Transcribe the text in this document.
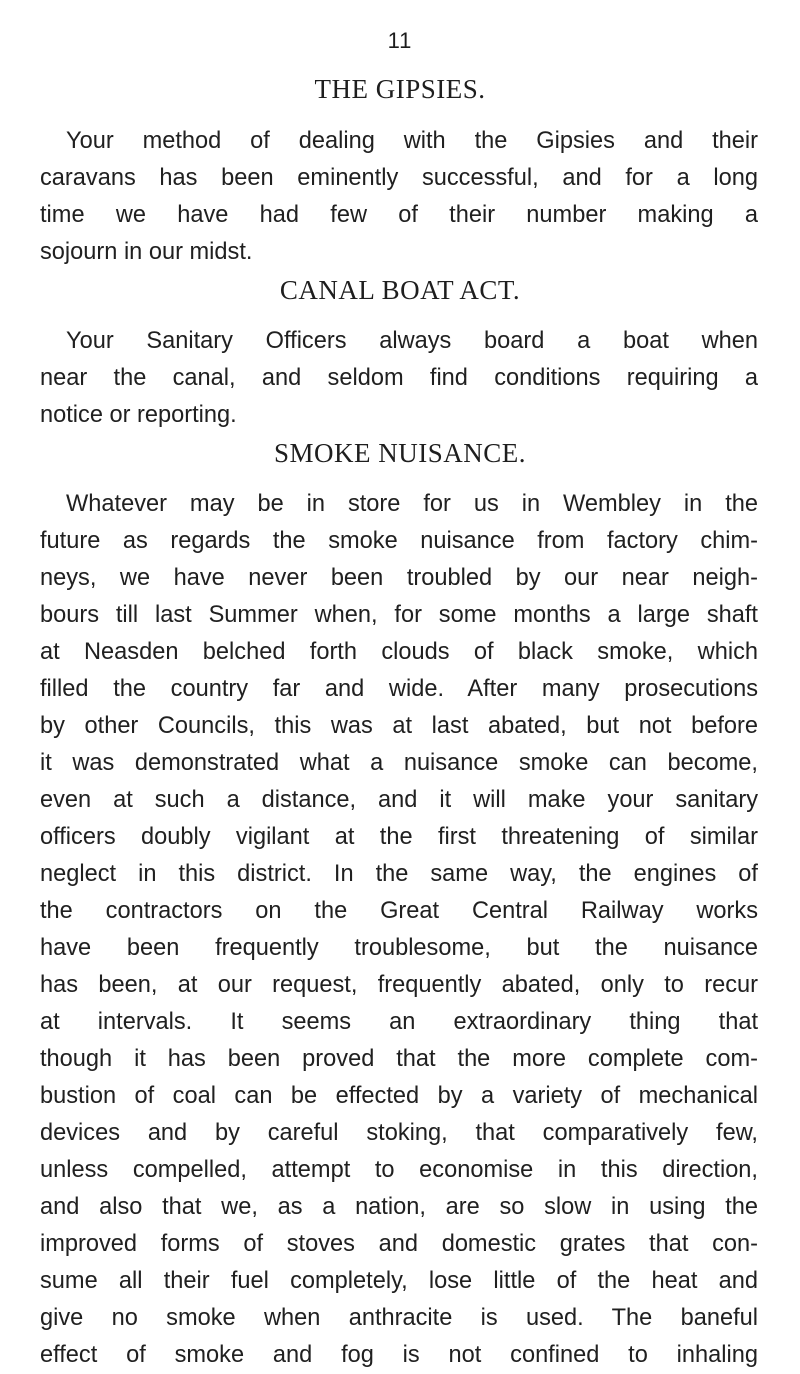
11
THE GIPSIES.
Your method of dealing with the Gipsies and their
caravans has been eminently successful, and for a long
time we have had few of their number making a
sojourn in our midst.
CANAL BOAT ACT.
Your Sanitary Officers always board a boat when
near the canal, and seldom find conditions requiring a
notice or reporting.
SMOKE NUISANCE.
Whatever may be in store for us in Wembley in the
future as regards the smoke nuisance from factory chim-
neys, we have never been troubled by our near neigh-
bours till last Summer when, for some months a large shaft
at Neasden belched forth clouds of black smoke, which
filled the country far and wide. After many prosecutions
by other Councils, this was at last abated, but not before
it was demonstrated what a nuisance smoke can become,
even at such a distance, and it will make your sanitary
officers doubly vigilant at the first threatening of similar
neglect in this district. In the same way, the engines of
the contractors on the Great Central Railway works
have been frequently troublesome, but the nuisance
has been, at our request, frequently abated, only to recur
at intervals. It seems an extraordinary thing that
though it has been proved that the more complete com-
bustion of coal can be effected by a variety of mechanical
devices and by careful stoking, that comparatively few,
unless compelled, attempt to economise in this direction,
and also that we, as a nation, are so slow in using the
improved forms of stoves and domestic grates that con-
sume all their fuel completely, lose little of the heat and
give no smoke when anthracite is used. The baneful
effect of smoke and fog is not confined to inhaling
